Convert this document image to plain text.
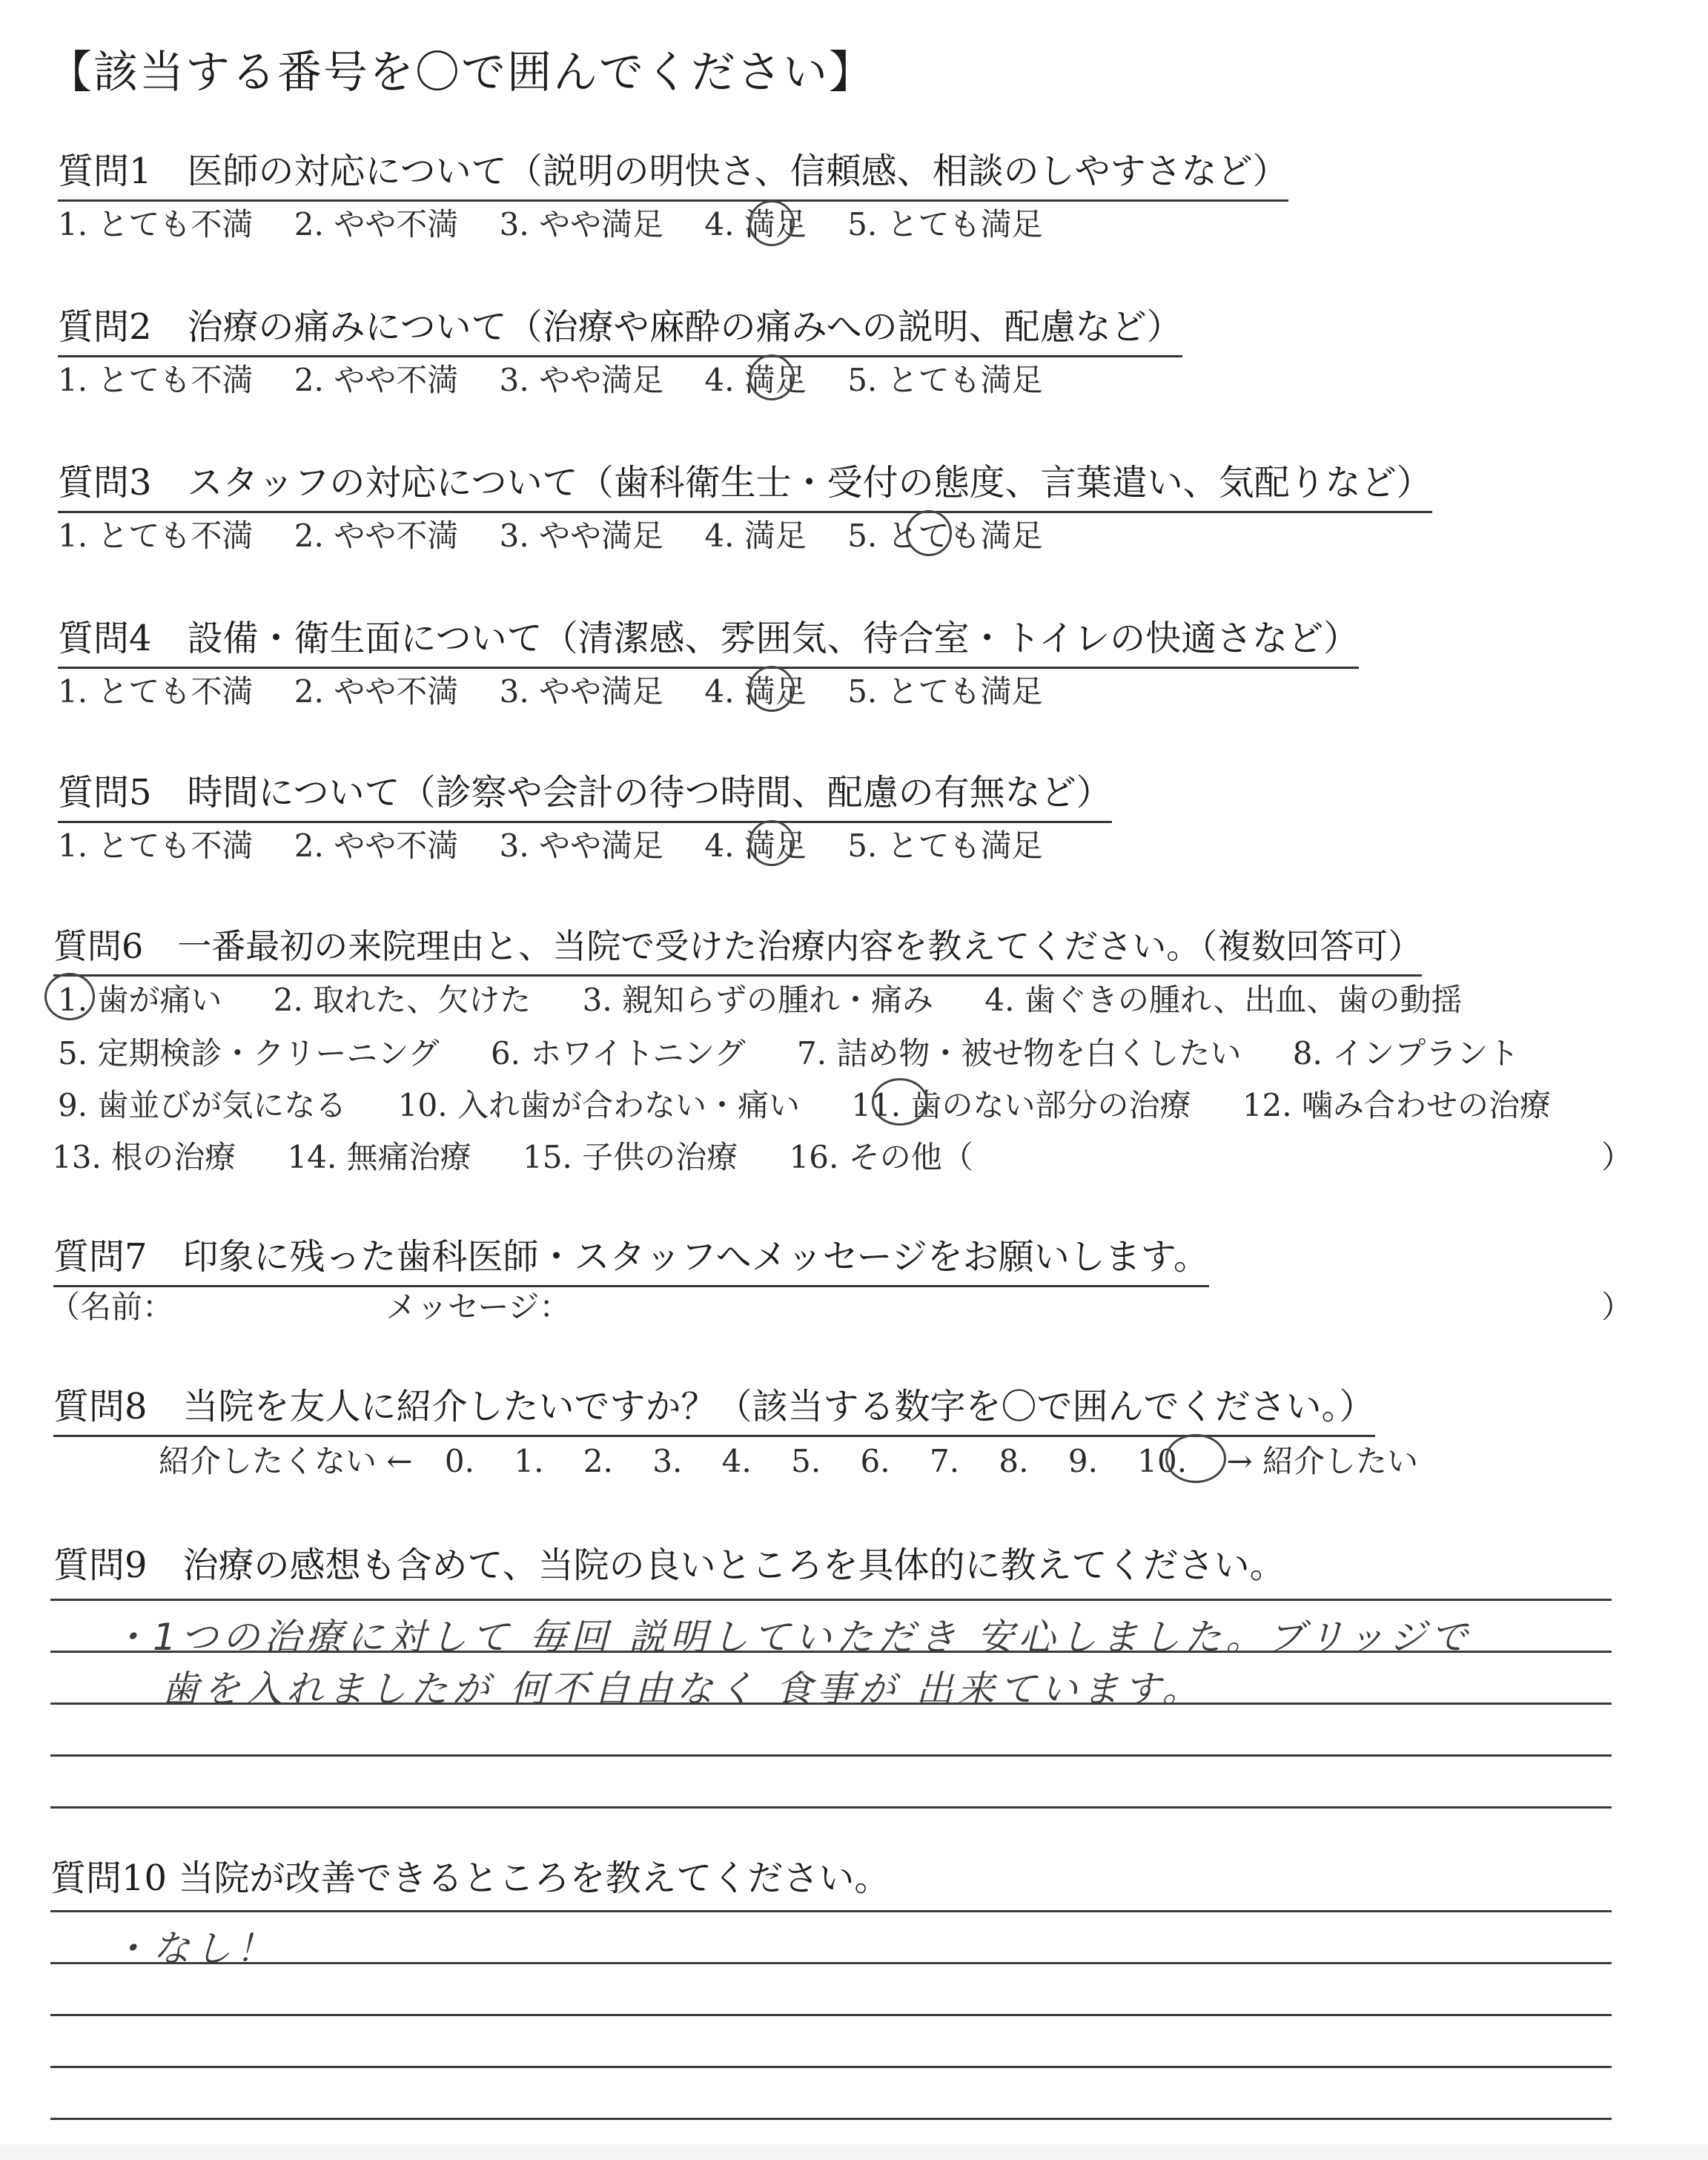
【該当する番号を〇で囲んでください】
質問1　医師の対応について（説明の明快さ、信頼感、相談のしやすさなど）
1. とても不満 2. やや不満 3. やや満足 4. 満足 5. とても満足
質問2　治療の痛みについて（治療や麻酔の痛みへの説明、配慮など）
1. とても不満 2. やや不満 3. やや満足 4. 満足 5. とても満足
質問3　スタッフの対応について（歯科衛生士・受付の態度、言葉遣い、気配りなど）
1. とても不満 2. やや不満 3. やや満足 4. 満足 5. とても満足
質問4　設備・衛生面について（清潔感、雰囲気、待合室・トイレの快適さなど）
1. とても不満 2. やや不満 3. やや満足 4. 満足 5. とても満足
質問5　時間について（診察や会計の待つ時間、配慮の有無など）
1. とても不満 2. やや不満 3. やや満足 4. 満足 5. とても満足
質問6　一番最初の来院理由と、当院で受けた治療内容を教えてください。（複数回答可）
1. 歯が痛い 2. 取れた、欠けた 3. 親知らずの腫れ・痛み 4. 歯ぐきの腫れ、出血、歯の動揺
5. 定期検診・クリーニング 6. ホワイトニング 7. 詰め物・被せ物を白くしたい 8. インプラント
9. 歯並びが気になる 10. 入れ歯が合わない・痛い 11. 歯のない部分の治療 12. 噛み合わせの治療
13. 根の治療 14. 無痛治療 15. 子供の治療 16. その他（	）
質問7　印象に残った歯科医師・スタッフへメッセージをお願いします。
（名前：	メッセージ：	）
質問8　当院を友人に紹介したいですか？（該当する数字を〇で囲んでください。）
紹介したくない ← 0. 1. 2. 3. 4. 5. 6. 7. 8. 9. 10. → 紹介したい
質問9　治療の感想も含めて、当院の良いところを具体的に教えてください。
・1つの治療に対して 毎回 説明していただき 安心しました。ブリッジで
歯を入れましたが 何不自由なく 食事が 出来ています。
質問10 当院が改善できるところを教えてください。
・なし！
